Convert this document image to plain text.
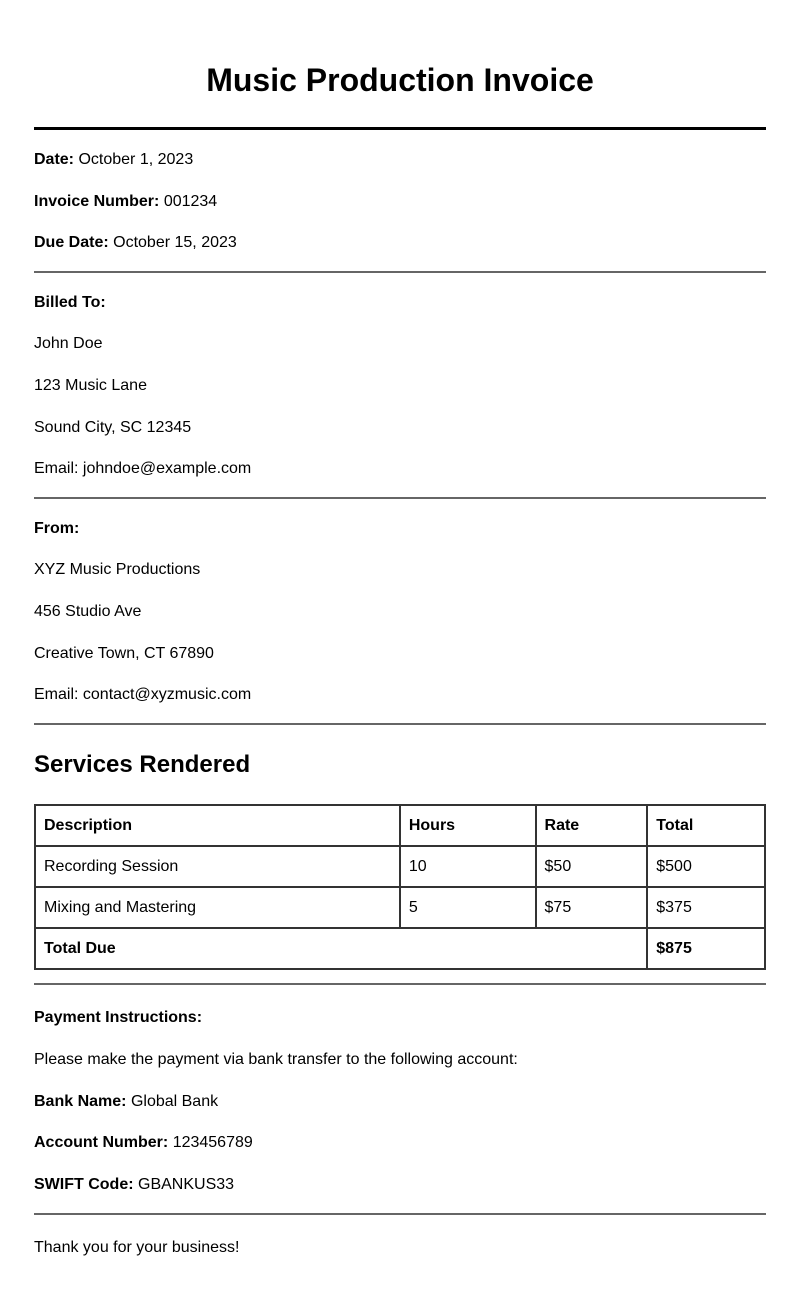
Music Production Invoice
Date: October 1, 2023
Invoice Number: 001234
Due Date: October 15, 2023
Billed To:
John Doe
123 Music Lane
Sound City, SC 12345
Email: johndoe@example.com
From:
XYZ Music Productions
456 Studio Ave
Creative Town, CT 67890
Email: contact@xyzmusic.com
Services Rendered
Description	Hours	Rate	Total
Recording Session	10	$50	$500
Mixing and Mastering	5	$75	$375
Total Due			$875
Payment Instructions:
Please make the payment via bank transfer to the following account:
Bank Name: Global Bank
Account Number: 123456789
SWIFT Code: GBANKUS33
Thank you for your business!
